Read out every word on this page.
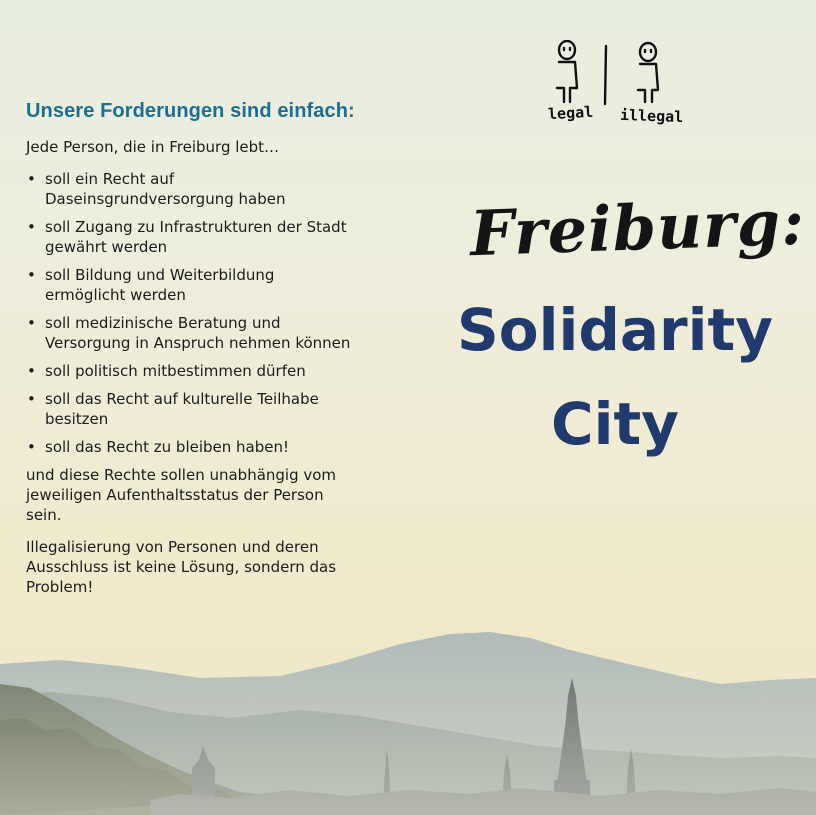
Unsere Forderungen sind einfach:
Jede Person, die in Freiburg lebt…
• soll ein Recht auf Daseinsgrundversorgung haben
• soll Zugang zu Infrastrukturen der Stadt gewährt werden
• soll Bildung und Weiterbildung ermöglicht werden
• soll medizinische Beratung und Versorgung in Anspruch nehmen können
• soll politisch mitbestimmen dürfen
• soll das Recht auf kulturelle Teilhabe besitzen
• soll das Recht zu bleiben haben!
und diese Rechte sollen unabhängig vom jeweiligen Aufenthaltsstatus der Person sein.
Illegalisierung von Personen und deren Ausschluss ist keine Lösung, sondern das Problem!
legal illegal
Freiburg:
Solidarity
City
